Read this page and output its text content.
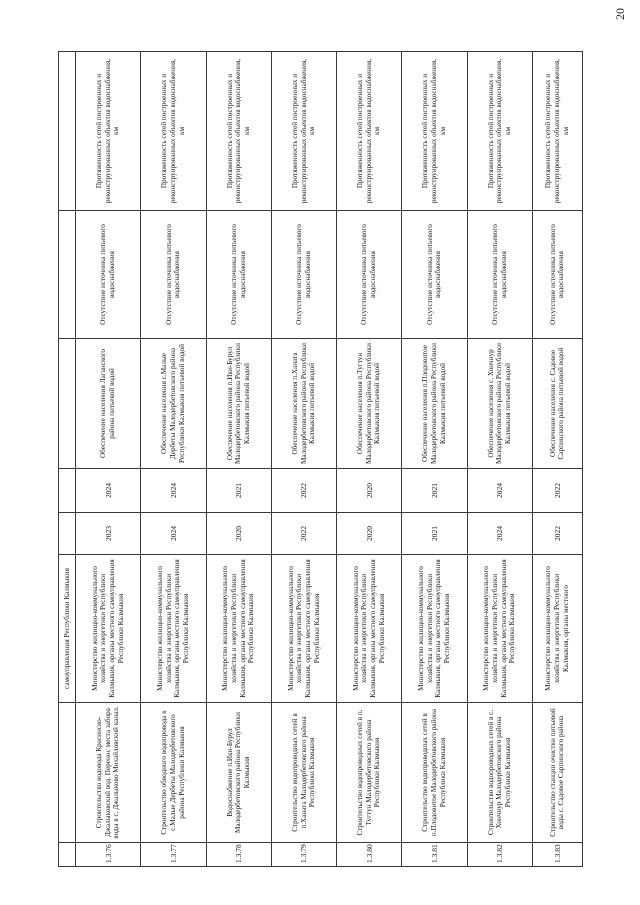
20
		самоуправления Республики Калмыкия					
1.3.76	Строительство водовода Красинско-Джалыковский вод. Перенос места забора воды в с. Джалыково Михайловский канал.	Министерство жилищно-коммунального хозяйства и энергетики Республики Калмыкия, органы местного самоуправления Республики Калмыкия	2023	2024	Обеспечение населения Лаганского района питьевой водой	Отсутствие источника питьевого водоснабжения	Протяженность сетей построенных и реконструированных объектов водоснабжения, км
1.3.77	Строительство обводного водопровода к с.Малые Дербеты Малодербетовского района Республики Калмыкия	Министерство жилищно-коммунального хозяйства и энергетики Республики Калмыкия, органы местного самоуправления Республики Калмыкия	2024	2024	Обеспечение населения с.Малые Дербеты Малодербетовского района Республики Калмыкия питьевой водой	Отсутствие источника питьевого водоснабжения	Протяженность сетей построенных и реконструированных объектов водоснабжения, км
1.3.78	Водоснабжение п.Ики-Бурул Малодербетовского района Республики Калмыкия	Министерство жилищно-коммунального хозяйства и энергетики Республики Калмыкия, органы местного самоуправления Республики Калмыкия	2020	2021	Обеспечение населения п.Ики-Бурул Малодербетовского района Республики Калмыкия питьевой водой	Отсутствие источника питьевого водоснабжения	Протяженность сетей построенных и реконструированных объектов водоснабжения, км
1.3.79	Строительство водопроводных сетей в п.Ханата Малодербетовского района Республики Калмыкия	Министерство жилищно-коммунального хозяйства и энергетики Республики Калмыкия, органы местного самоуправления Республики Калмыкия	2022	2022	Обеспечение населения п.Ханата Малодербетовского района Республики Калмыкия питьевой водой	Отсутствие источника питьевого водоснабжения	Протяженность сетей построенных и реконструированных объектов водоснабжения, км
1.3.80	Строительство водопроводных сетей в п. Тугтун Малодербетовского района Республики Калмыкия	Министерство жилищно-коммунального хозяйства и энергетики Республики Калмыкия, органы местного самоуправления Республики Калмыкия	2020	2020	Обеспечение населения п.Тугтун Малодербетовского района Республики Калмыкия питьевой водой	Отсутствие источника питьевого водоснабжения	Протяженность сетей построенных и реконструированных объектов водоснабжения, км
1.3.81	Строительство водопроводных сетей в п.Плодовитое Малодербетовского района Республики Калмыкия	Министерство жилищно-коммунального хозяйства и энергетики Республики Калмыкия, органы местного самоуправления Республики Калмыкия	2021	2021	Обеспечение населения п.Плодовитое Малодербетовского района Республики Калмыкия питьевой водой	Отсутствие источника питьевого водоснабжения	Протяженность сетей построенных и реконструированных объектов водоснабжения, км
1.3.82	Строительство водопроводных сетей в с. Хончнур Малодербетовского района Республики Калмыкия	Министерство жилищно-коммунального хозяйства и энергетики Республики Калмыкия, органы местного самоуправления Республики Калмыкия	2024	2024	Обеспечение населения с. Хончнур Малодербетовского района Республики Калмыкия питьевой водой	Отсутствие источника питьевого водоснабжения	Протяженность сетей построенных и реконструированных объектов водоснабжения, км
1.3.83	Строительство станции очистки питьевой воды с. Садовое Сарпинского района	Министерство жилищно-коммунального хозяйства и энергетики Республики Калмыкия, органы местного	2022	2022	Обеспечение населения с. Садовое Сарпинского района питьевой водой	Отсутствие источника питьевого водоснабжения	Протяженность сетей построенных и реконструированных объектов водоснабжения, км
